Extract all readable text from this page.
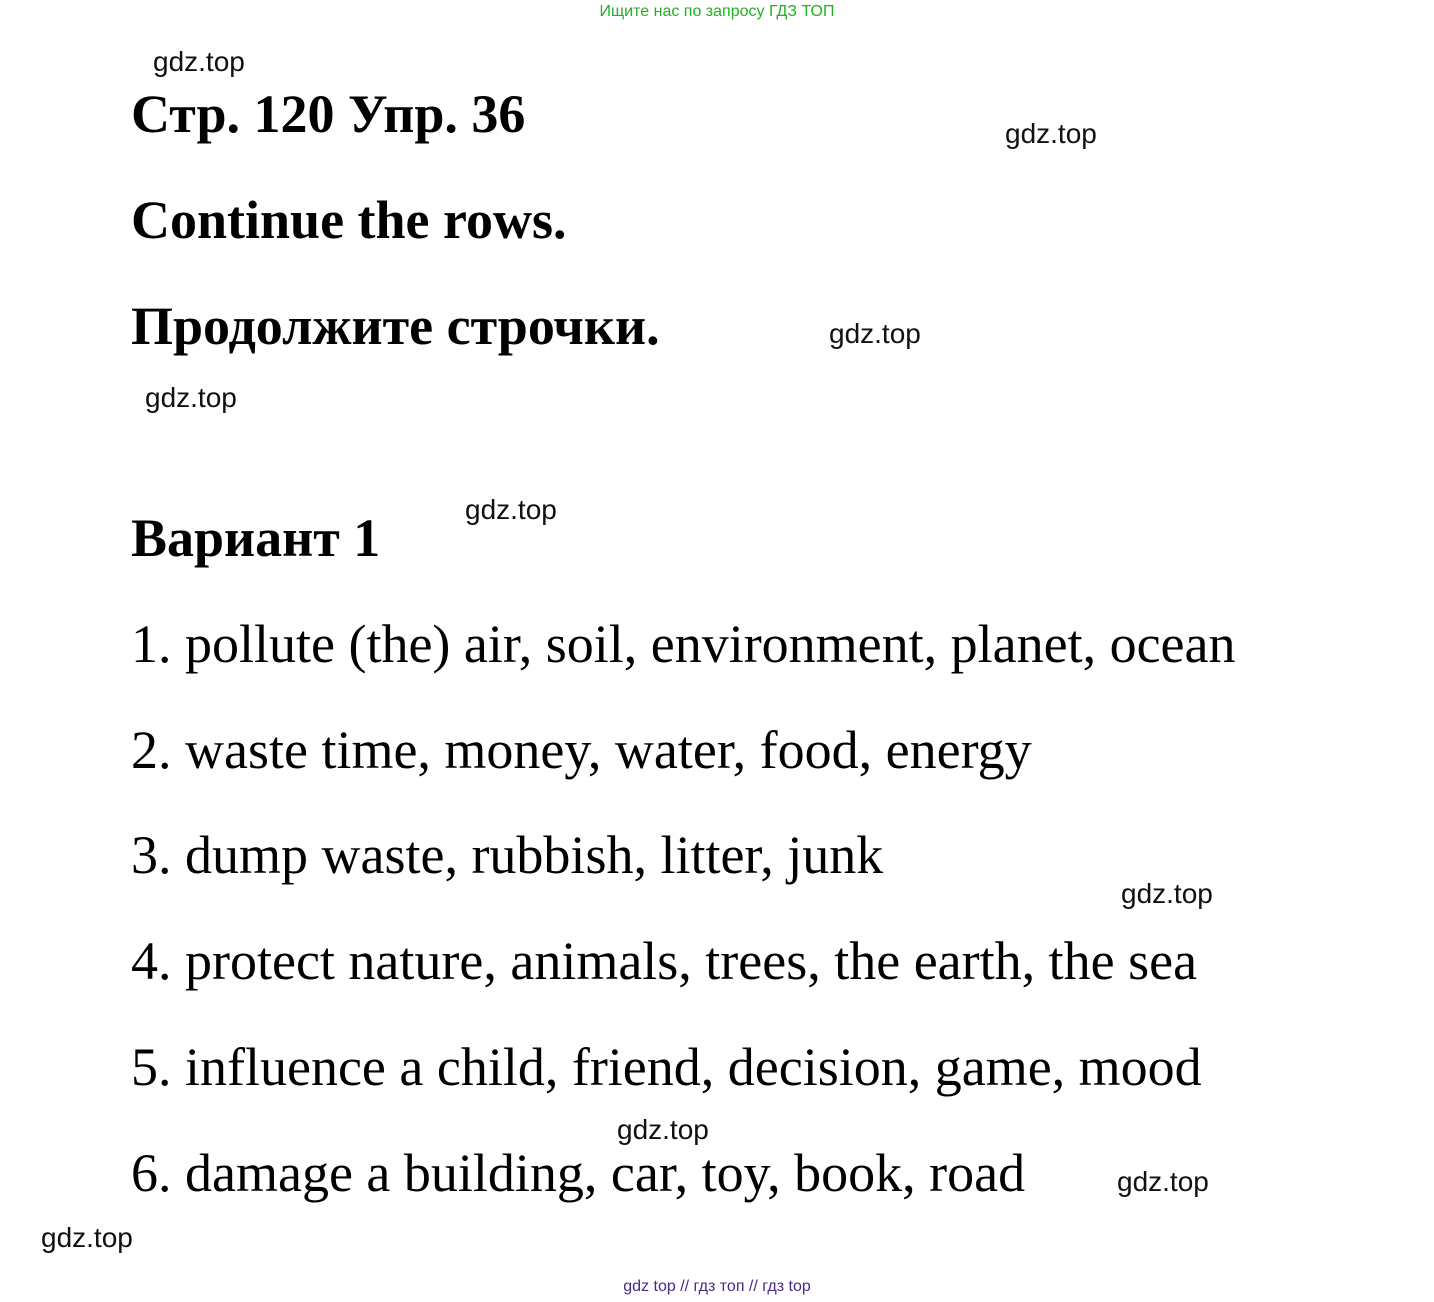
Ищите нас по запросу ГДЗ ТОП
gdz.top
gdz.top
gdz.top
gdz.top
gdz.top
gdz.top
gdz.top
gdz.top
gdz.top
Стр. 120 Упр. 36
Continue the rows.
Продолжите строчки.
Вариант 1
1. pollute (the) air, soil, environment, planet, ocean
2. waste time, money, water, food, energy
3. dump waste, rubbish, litter, junk
4. protect nature, animals, trees, the earth, the sea
5. influence a child, friend, decision, game, mood
6. damage a building, car, toy, book, road
gdz top // гдз топ // гдз top
